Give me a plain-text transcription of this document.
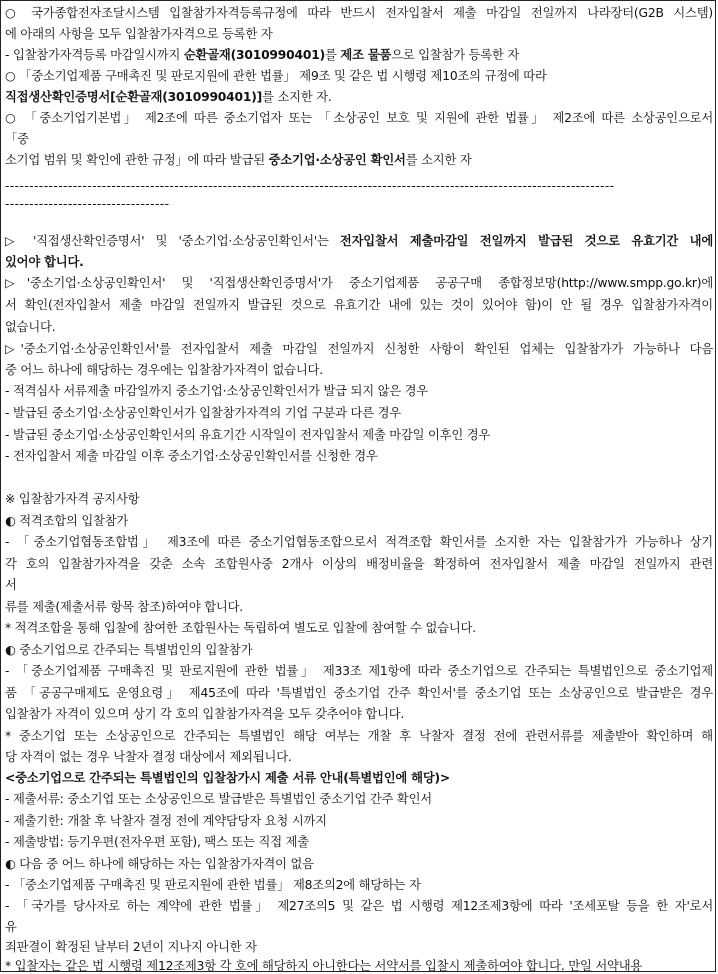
○ 국가종합전자조달시스템 입찰참가자격등록규정에 따라 반드시 전자입찰서 제출 마감일 전일까지 나라장터(G2B 시스템)
에 아래의 사항을 모두 입찰참가자격으로 등록한 자
- 입찰참가자격등록 마감일시까지 순환골재(3010990401)를 제조 물품으로 입찰참가 등록한 자
○ 「중소기업제품 구매촉진 및 판로지원에 관한 법률」 제9조 및 같은 법 시행령 제10조의 규정에 따라
직접생산확인증명서[순환골재(3010990401)]를 소지한 자.
○ 「중소기업기본법」 제2조에 따른 중소기업자 또는 「소상공인 보호 및 지원에 관한 법률」 제2조에 따른 소상공인으로서
「중
소기업 범위 및 확인에 관한 규정」에 따라 발급된 중소기업·소상공인 확인서를 소지한 자
------------------------------------------------------------------------------------------------------------------------------
----------------------------------
▷ '직접생산확인증명서' 및 '중소기업·소상공인확인서'는 전자입찰서 제출마감일 전일까지 발급된 것으로 유효기간 내에
있어야 합니다.
▷'중소기업·소상공인확인서' 및 '직접생산확인증명서'가 중소기업제품 공공구매 종합정보망(http://www.smpp.go.kr)에
서 확인(전자입찰서 제출 마감일 전일까지 발급된 것으로 유효기간 내에 있는 것이 있어야 함)이 안 될 경우 입찰참가자격이
없습니다.
▷'중소기업·소상공인확인서'를 전자입찰서 제출 마감일 전일까지 신청한 사항이 확인된 업체는 입찰참가가 가능하나 다음
중 어느 하나에 해당하는 경우에는 입찰참가자격이 없습니다.
- 적격심사 서류제출 마감일까지 중소기업·소상공인확인서가 발급 되지 않은 경우
- 발급된 중소기업·소상공인확인서가 입찰참가자격의 기업 구분과 다른 경우
- 발급된 중소기업·소상공인확인서의 유효기간 시작일이 전자입찰서 제출 마감일 이후인 경우
- 전자입찰서 제출 마감일 이후 중소기업·소상공인확인서를 신청한 경우
※ 입찰참가자격 공지사항
◐ 적격조합의 입찰참가
- 「중소기업협동조합법」 제3조에 따른 중소기업협동조합으로서 적격조합 확인서를 소지한 자는 입찰참가가 가능하나 상기
각 호의 입찰참가자격을 갖춘 소속 조합원사중 2개사 이상의 배정비율을 확정하여 전자입찰서 제출 마감일 전일까지 관련
서
류를 제출(제출서류 항목 참조)하여야 합니다.
* 적격조합을 통해 입찰에 참여한 조합원사는 독립하여 별도로 입찰에 참여할 수 없습니다.
◐ 중소기업으로 간주되는 특별법인의 입찰참가
- 「중소기업제품 구매촉진 및 판로지원에 관한 법률」 제33조 제1항에 따라 중소기업으로 간주되는 특별법인으로 중소기업제
품 「공공구매제도 운영요령」 제45조에 따라 '특별법인 중소기업 간주 확인서'를 중소기업 또는 소상공인으로 발급받은 경우
입찰참가 자격이 있으며 상기 각 호의 입찰참가자격을 모두 갖추어야 합니다.
* 중소기업 또는 소상공인으로 간주되는 특별법인 해당 여부는 개찰 후 낙찰자 결정 전에 관련서류를 제출받아 확인하며 해
당 자격이 없는 경우 낙찰자 결정 대상에서 제외됩니다.
<중소기업으로 간주되는 특별법인의 입찰참가시 제출 서류 안내(특별법인에 해당)>
- 제출서류: 중소기업 또는 소상공인으로 발급받은 특별법인 중소기업 간주 확인서
- 제출기한: 개찰 후 낙찰자 결정 전에 계약담당자 요청 시까지
- 제출방법: 등기우편(전자우편 포함), 팩스 또는 직접 제출
◐ 다음 중 어느 하나에 해당하는 자는 입찰참가자격이 없음
- 「중소기업제품 구매촉진 및 판로지원에 관한 법률」 제8조의2에 해당하는 자
- 「국가를 당사자로 하는 계약에 관한 법률」 제27조의5 및 같은 법 시행령 제12조제3항에 따라 '조세포탈 등을 한 자'로서
유
죄판결이 확정된 날부터 2년이 지나지 아니한 자
* 입찰자는 같은 법 시행령 제12조제3항 각 호에 해당하지 아니한다는 서약서를 입찰시 제출하여야 합니다. 만일 서약내용
